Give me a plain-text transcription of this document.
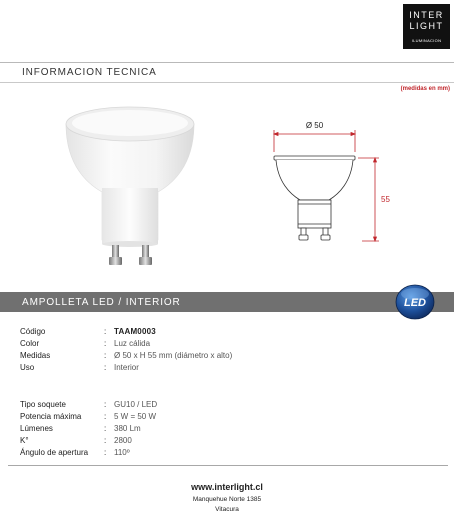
INTER
LIGHT
ILUMINACION
INFORMACION TECNICA
(medidas en mm)
Ø 50
55
AMPOLLETA LED / INTERIOR	LED
Código	: TAAM0003
Color	: Luz cálida
Medidas	: Ø 50 x H 55 mm (diámetro x alto)
Uso	: Interior
Tipo soquete	: GU10 / LED
Potencia máxima	: 5 W = 50 W
Lúmenes	: 380 Lm
K°	: 2800
Ángulo de apertura	: 110º
www.interlight.cl
Manquehue Norte 1385
Vitacura
